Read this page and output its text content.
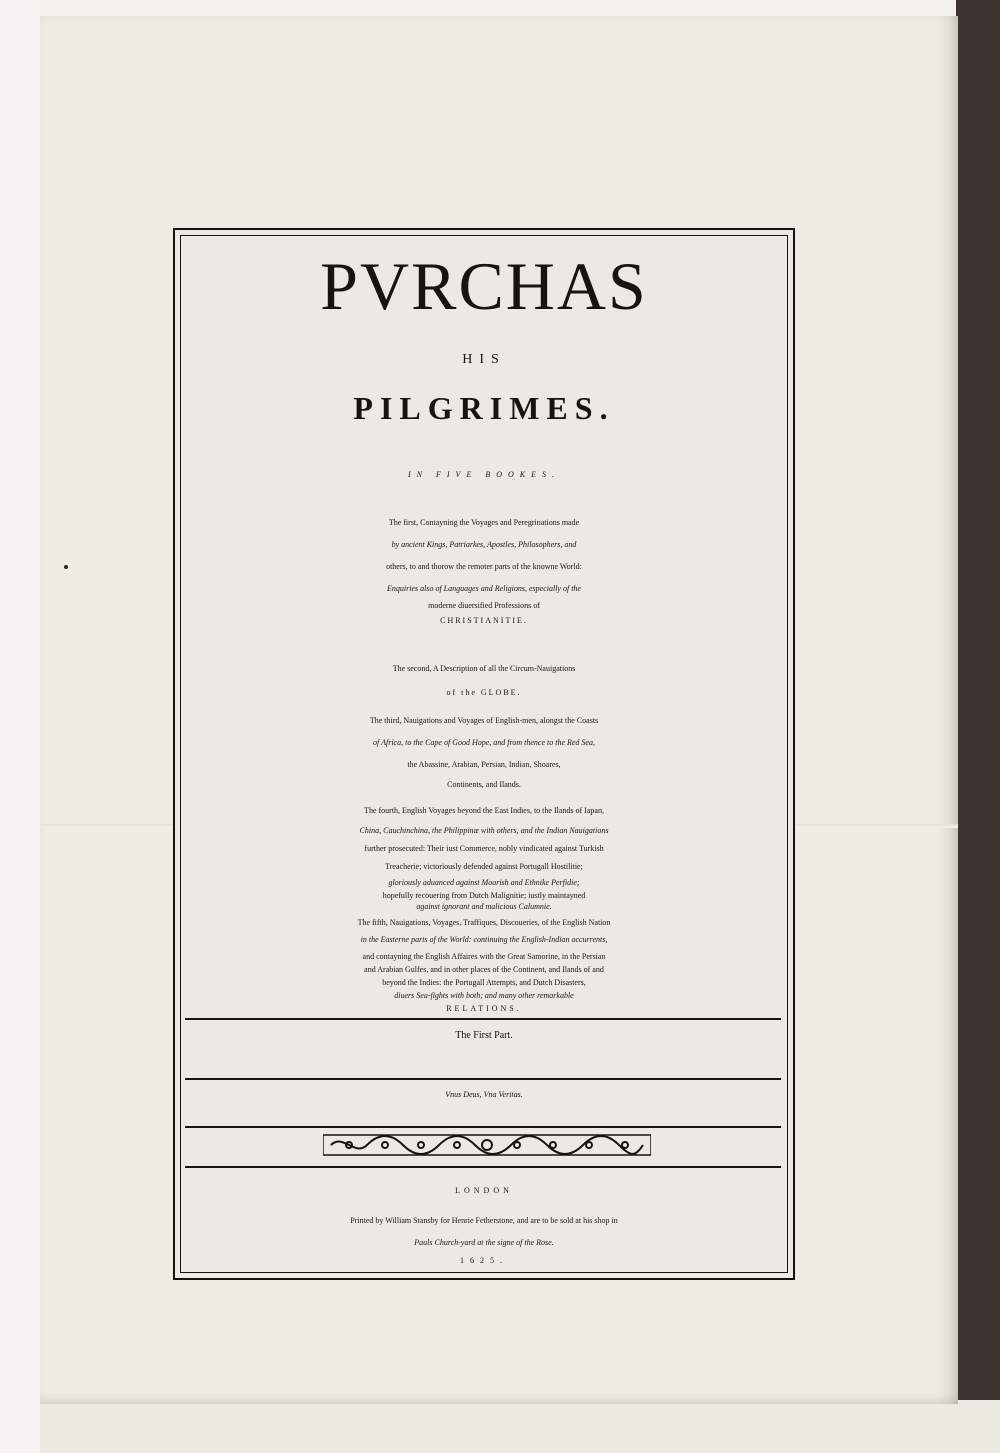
PVRCHAS
HIS
PILGRIMES.
IN FIVE BOOKES.
The first, Contayning the Voyages and Peregrinations made
by ancient Kings, Patriarkes, Apostles, Philosophers, and
others, to and thorow the remoter parts of the knowne World:
Enquiries also of Languages and Religions, especially of the
moderne diuersified Professions of
CHRISTIANITIE.
The second, A Description of all the Circum-Nauigations
of the GLOBE.
The third, Nauigations and Voyages of English-men, alongst the Coasts
of Africa, to the Cape of Good Hope, and from thence to the Red Sea,
the Abassine, Arabian, Persian, Indian, Shoares,
Continents, and Ilands.
The fourth, English Voyages beyond the East Indies, to the Ilands of Iapan,
China, Cauchinchina, the Philippinæ with others, and the Indian Nauigations
further prosecuted: Their iust Commerce, nobly vindicated against Turkish
Treacherie; victoriously defended against Portugall Hostilitie;
gloriously aduanced against Moorish and Ethnike Perfidie;
hopefully recouering from Dutch Malignitie; iustly maintayned
against ignorant and malicious Calumnie.
The fifth, Nauigations, Voyages, Traffiques, Discoueries, of the English Nation
in the Easterne parts of the World: continuing the English-Indian occurrents,
and contayning the English Affaires with the Great Samorine, in the Persian
and Arabian Gulfes, and in other places of the Continent, and Ilands of and
beyond the Indies: the Portugall Attempts, and Dutch Disasters,
diuers Sea-fights with both; and many other remarkable
RELATIONS.
The First Part.
Vnus Deus, Vna Veritas.
LONDON
Printed by William Stansby for Henrie Fetherstone, and are to be sold at his shop in
Pauls Church-yard at the signe of the Rose.
1625.
